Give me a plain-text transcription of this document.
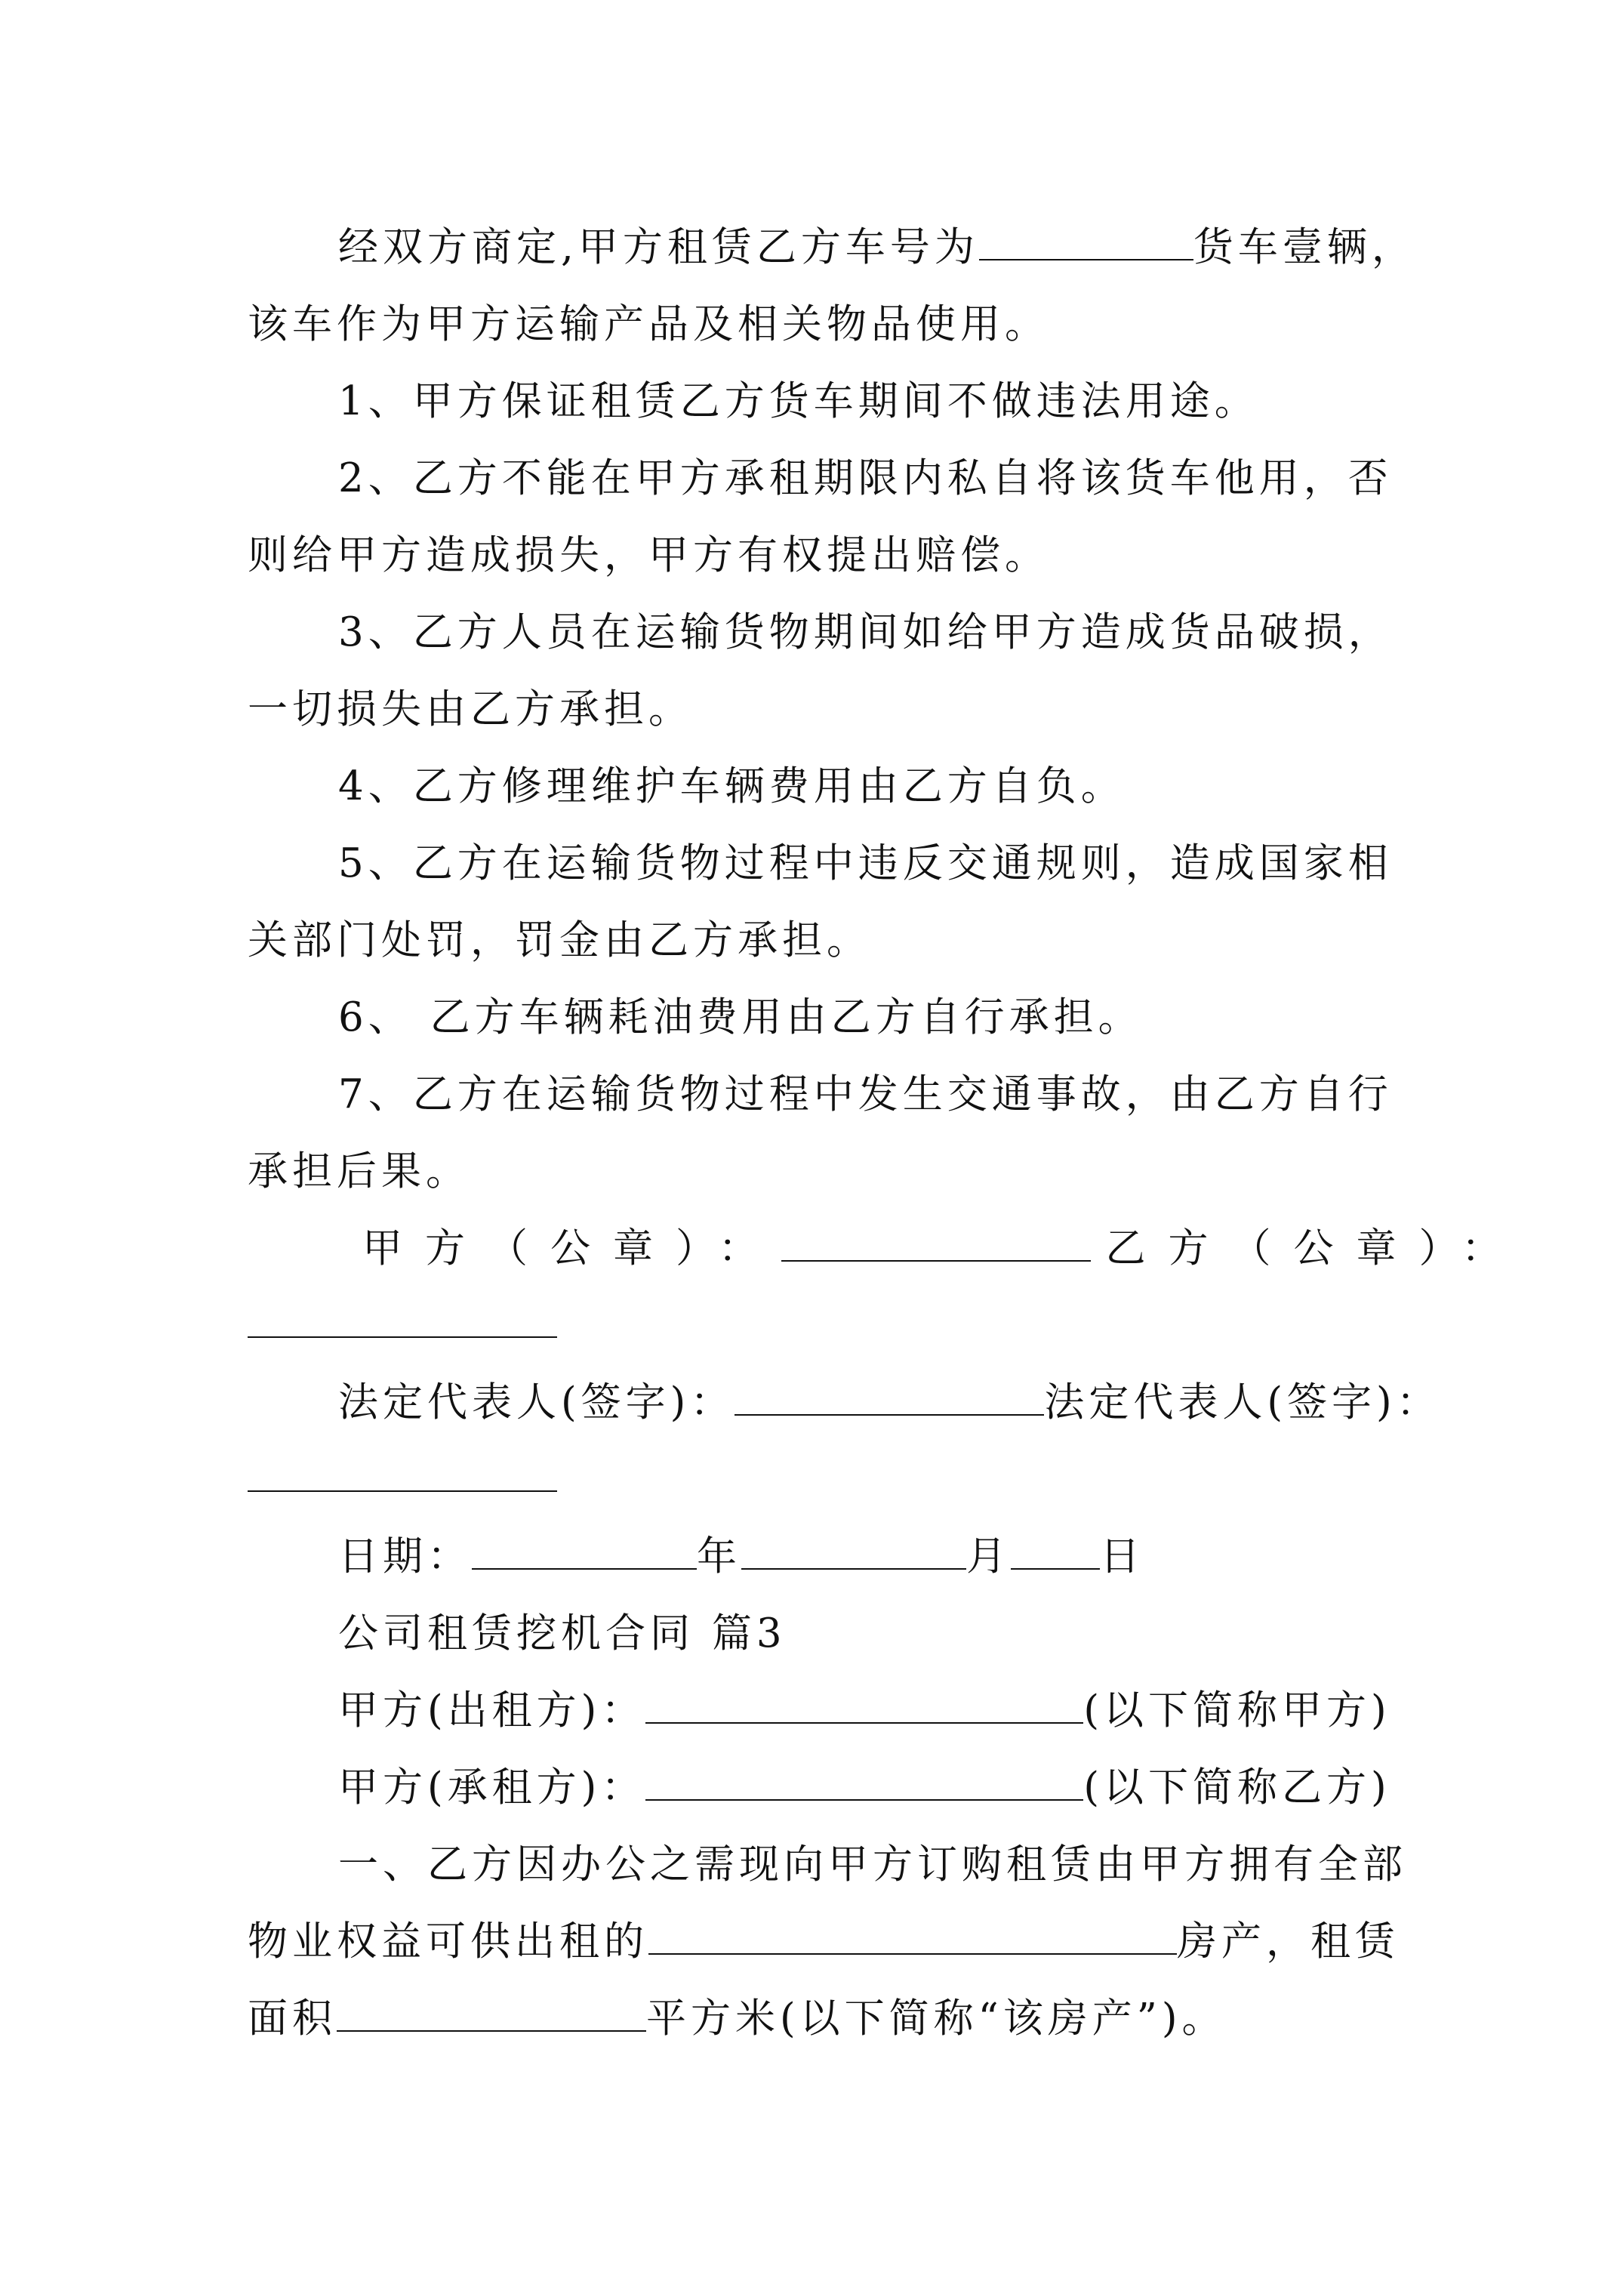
经双方商定,甲方租赁乙方车号为	货车壹辆，
该车作为甲方运输产品及相关物品使用。
1、甲方保证租赁乙方货车期间不做违法用途。
2、乙方不能在甲方承租期限内私自将该货车他用，否
则给甲方造成损失，甲方有权提出赔偿。
3、乙方人员在运输货物期间如给甲方造成货品破损，
一切损失由乙方承担。
4、乙方修理维护车辆费用由乙方自负。
5、乙方在运输货物过程中违反交通规则，造成国家相
关部门处罚，罚金由乙方承担。
6、 乙方车辆耗油费用由乙方自行承担。
7、乙方在运输货物过程中发生交通事故，由乙方自行
承担后果。
甲方（公章）：	乙方（公章）：
法定代表人(签字)：	法定代表人(签字)：
日期：	年	月 日
公司租赁挖机合同 篇3
甲方(出租方)：	(以下简称甲方)
甲方(承租方)：	(以下简称乙方)
一、乙方因办公之需现向甲方订购租赁由甲方拥有全部
物业权益可供出租的	房产，租赁
面积	平方米(以下简称“该房产”)。
